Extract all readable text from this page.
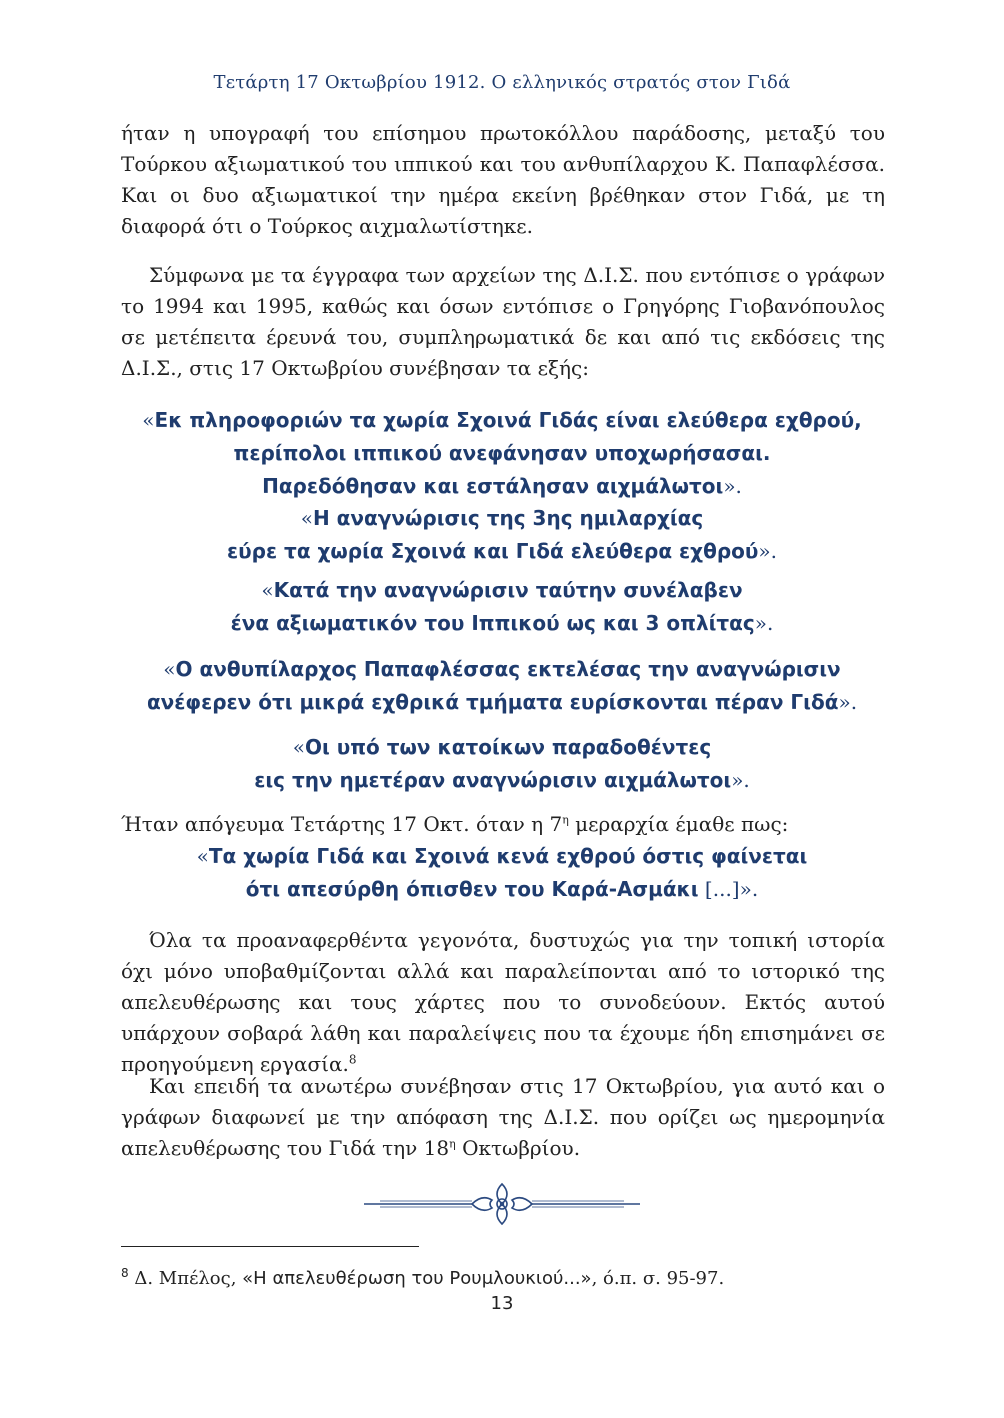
Τετάρτη 17 Οκτωβρίου 1912. Ο ελληνικός στρατός στον Γιδά
ήταν η υπογραφή του επίσημου πρωτοκόλλου παράδοσης, μεταξύ του Τούρκου αξιωματικού του ιππικού και του ανθυπίλαρχου Κ. Παπαφλέσσα. Και οι δυο αξιωματικοί την ημέρα εκείνη βρέθηκαν στον Γιδά, με τη διαφορά ότι ο Τούρκος αιχμαλωτίστηκε.
Σύμφωνα με τα έγγραφα των αρχείων της Δ.Ι.Σ. που εντόπισε ο γράφων το 1994 και 1995, καθώς και όσων εντόπισε ο Γρηγόρης Γιοβανόπουλος σε μετέπειτα έρευνά του, συμπληρωματικά δε και από τις εκδόσεις της Δ.Ι.Σ., στις 17 Οκτωβρίου συνέβησαν τα εξής:
«Εκ πληροφοριών τα χωρία Σχοινά Γιδάς είναι ελεύθερα εχθρού,
περίπολοι ιππικού ανεφάνησαν υποχωρήσασαι.
Παρεδόθησαν και εστάλησαν αιχμάλωτοι».
«Η αναγνώρισις της 3ης ημιλαρχίας
εύρε τα χωρία Σχοινά και Γιδά ελεύθερα εχθρού».
«Κατά την αναγνώρισιν ταύτην συνέλαβεν
ένα αξιωματικόν του Ιππικού ως και 3 οπλίτας».
«Ο ανθυπίλαρχος Παπαφλέσσας εκτελέσας την αναγνώρισιν
ανέφερεν ότι μικρά εχθρικά τμήματα ευρίσκονται πέραν Γιδά».
«Οι υπό των κατοίκων παραδοθέντες
εις την ημετέραν αναγνώρισιν αιχμάλωτοι».
Ήταν απόγευμα Τετάρτης 17 Οκτ. όταν η $7^\eta$ μεραρχία έμαθε πως:
«Τα χωρία Γιδά και Σχοινά κενά εχθρού όστις φαίνεται
ότι απεσύρθη όπισθεν του Καρά-Ασμάκι [...]».
Όλα τα προαναφερθέντα γεγονότα, δυστυχώς για την τοπική ιστορία όχι μόνο υποβαθμίζονται αλλά και παραλείπονται από το ιστορικό της απελευθέρωσης και τους χάρτες που το συνοδεύουν. Εκτός αυτού υπάρχουν σοβαρά λάθη και παραλείψεις που τα έχουμε ήδη επισημάνει σε προηγούμενη εργασία.$^8$
Και επειδή τα ανωτέρω συνέβησαν στις 17 Οκτωβρίου, για αυτό και ο γράφων διαφωνεί με την απόφαση της Δ.Ι.Σ. που ορίζει ως ημερομηνία απελευθέρωσης του Γιδά την $18^\eta$ Οκτωβρίου.
$^8$ Δ. Μπέλος, «Η απελευθέρωση του Ρουμλουκιού...», ό.π. σ. 95-97.
13
